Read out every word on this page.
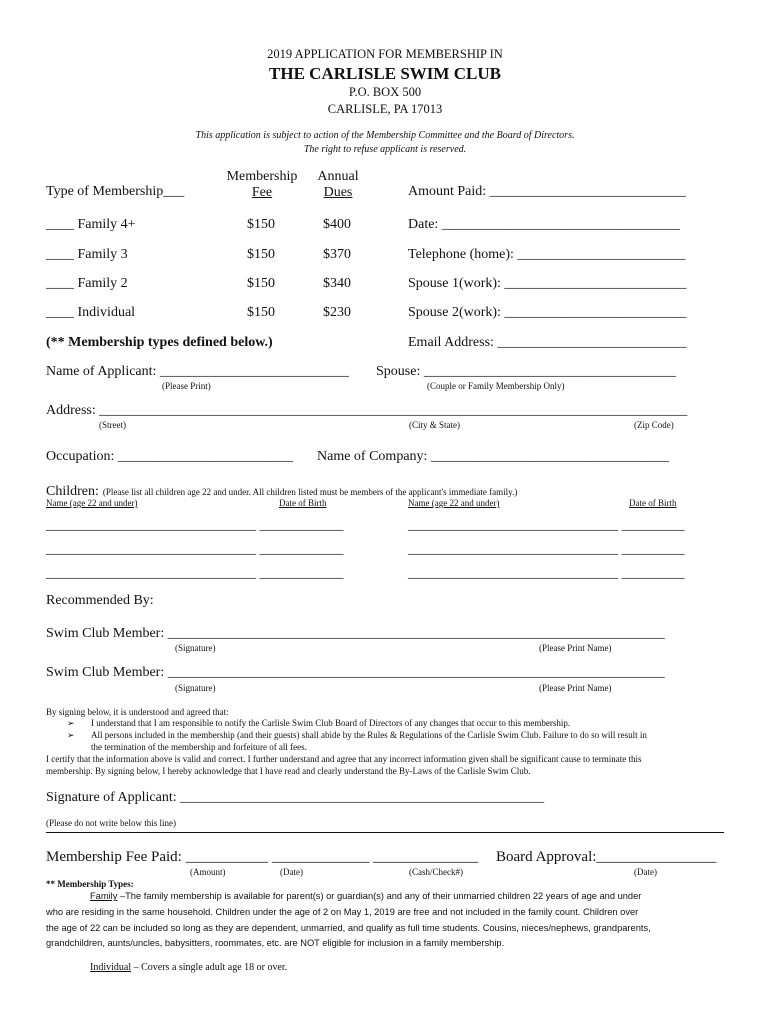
2019 APPLICATION FOR MEMBERSHIP IN
THE CARLISLE SWIM CLUB
P.O. BOX 500
CARLISLE, PA 17013
This application is subject to action of the Membership Committee and the Board of Directors.
The right to refuse applicant is reserved.
Type of Membership___
Membership
Fee
Annual
Dues
____ Family 4+	$150	$400
____ Family 3	$150	$370
____ Family 2	$150	$340
____ Individual	$150	$230
(** Membership types defined below.)
Amount Paid: ____________________________
Date: __________________________________
Telephone (home): ________________________
Spouse 1(work): __________________________
Spouse 2(work): __________________________
Email Address: ___________________________
Name of Applicant: ___________________________
(Please Print)
Spouse: ____________________________________
(Couple or Family Membership Only)
Address: ____________________________________________________________________________________
(Street)	(City & State)	(Zip Code)
Occupation: _________________________ Name of Company: __________________________________
Children: (Please list all children age 22 and under. All children listed must be members of the applicant's immediate family.)
Name (age 22 and under)	Date of Birth	Name (age 22 and under)	Date of Birth
______________________________ ____________	______________________________ _________
______________________________ ____________	______________________________ _________
______________________________ ____________	______________________________ _________
Recommended By:
Swim Club Member: _______________________________________________________________________
(Signature)	(Please Print Name)
Swim Club Member: _______________________________________________________________________
(Signature)	(Please Print Name)
By signing below, it is understood and agreed that:
➢ I understand that I am responsible to notify the Carlisle Swim Club Board of Directors of any changes that occur to this membership.
➢ All persons included in the membership (and their guests) shall abide by the Rules & Regulations of the Carlisle Swim Club. Failure to do so will result in
the termination of the membership and forfeiture of all fees.
I certify that the information above is valid and correct. I further understand and agree that any incorrect information given shall be significant cause to terminate this
membership. By signing below, I hereby acknowledge that I have read and clearly understand the By-Laws of the Carlisle Swim Club.
Signature of Applicant: ____________________________________________________
(Please do not write below this line)
Membership Fee Paid: ___________ _____________ ______________ Board Approval:________________
(Amount)	(Date)	(Cash/Check#)	(Date)
** Membership Types:
Family –The family membership is available for parent(s) or guardian(s) and any of their unmarried children 22 years of age and under
who are residing in the same household. Children under the age of 2 on May 1, 2019 are free and not included in the family count. Children over
the age of 22 can be included so long as they are dependent, unmarried, and qualify as full time students. Cousins, nieces/nephews, grandparents,
grandchildren, aunts/uncles, babysitters, roommates, etc. are NOT eligible for inclusion in a family membership.
Individual – Covers a single adult age 18 or over.
